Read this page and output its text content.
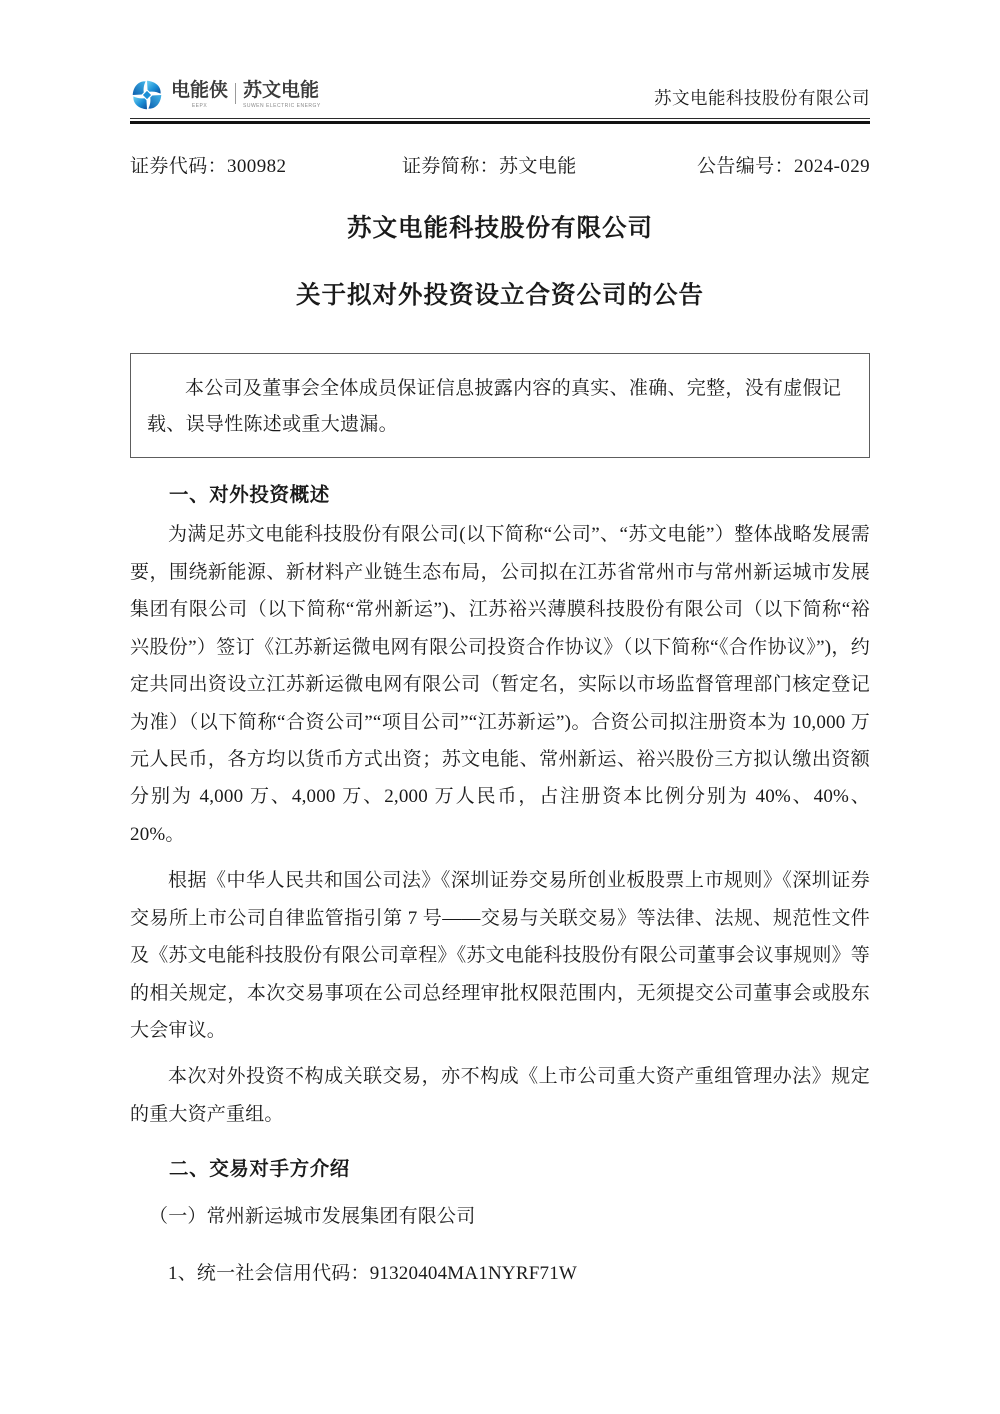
电能侠
EEPX
苏文电能
SUWEN ELECTRIC ENERGY	苏文电能科技股份有限公司
证券代码：300982	证券简称：苏文电能	公告编号：2024-029
苏文电能科技股份有限公司
关于拟对外投资设立合资公司的公告

本公司及董事会全体成员保证信息披露内容的真实、准确、完整，没有虚假记载、误导性陈述或重大遗漏。

一、对外投资概述

为满足苏文电能科技股份有限公司(以下简称“公司”、“苏文电能”）整体战略发展需要，围绕新能源、新材料产业链生态布局，公司拟在江苏省常州市与常州新运城市发展集团有限公司（以下简称“常州新运”)、江苏裕兴薄膜科技股份有限公司（以下简称“裕兴股份”）签订《江苏新运微电网有限公司投资合作协议》（以下简称“《合作协议》”)，约定共同出资设立江苏新运微电网有限公司（暂定名，实际以市场监督管理部门核定登记为准）（以下简称“合资公司”“项目公司”“江苏新运”)。合资公司拟注册资本为 10,000 万元人民币，各方均以货币方式出资；苏文电能、常州新运、裕兴股份三方拟认缴出资额分别为 4,000 万、4,000 万、2,000 万人民币，占注册资本比例分别为 40%、40%、20%。

根据《中华人民共和国公司法》《深圳证券交易所创业板股票上市规则》《深圳证券交易所上市公司自律监管指引第 7 号——交易与关联交易》等法律、法规、规范性文件及《苏文电能科技股份有限公司章程》《苏文电能科技股份有限公司董事会议事规则》等的相关规定，本次交易事项在公司总经理审批权限范围内，无须提交公司董事会或股东大会审议。

本次对外投资不构成关联交易，亦不构成《上市公司重大资产重组管理办法》规定的重大资产重组。

二、交易对手方介绍

（一）常州新运城市发展集团有限公司

1、统一社会信用代码：91320404MA1NYRF71W
